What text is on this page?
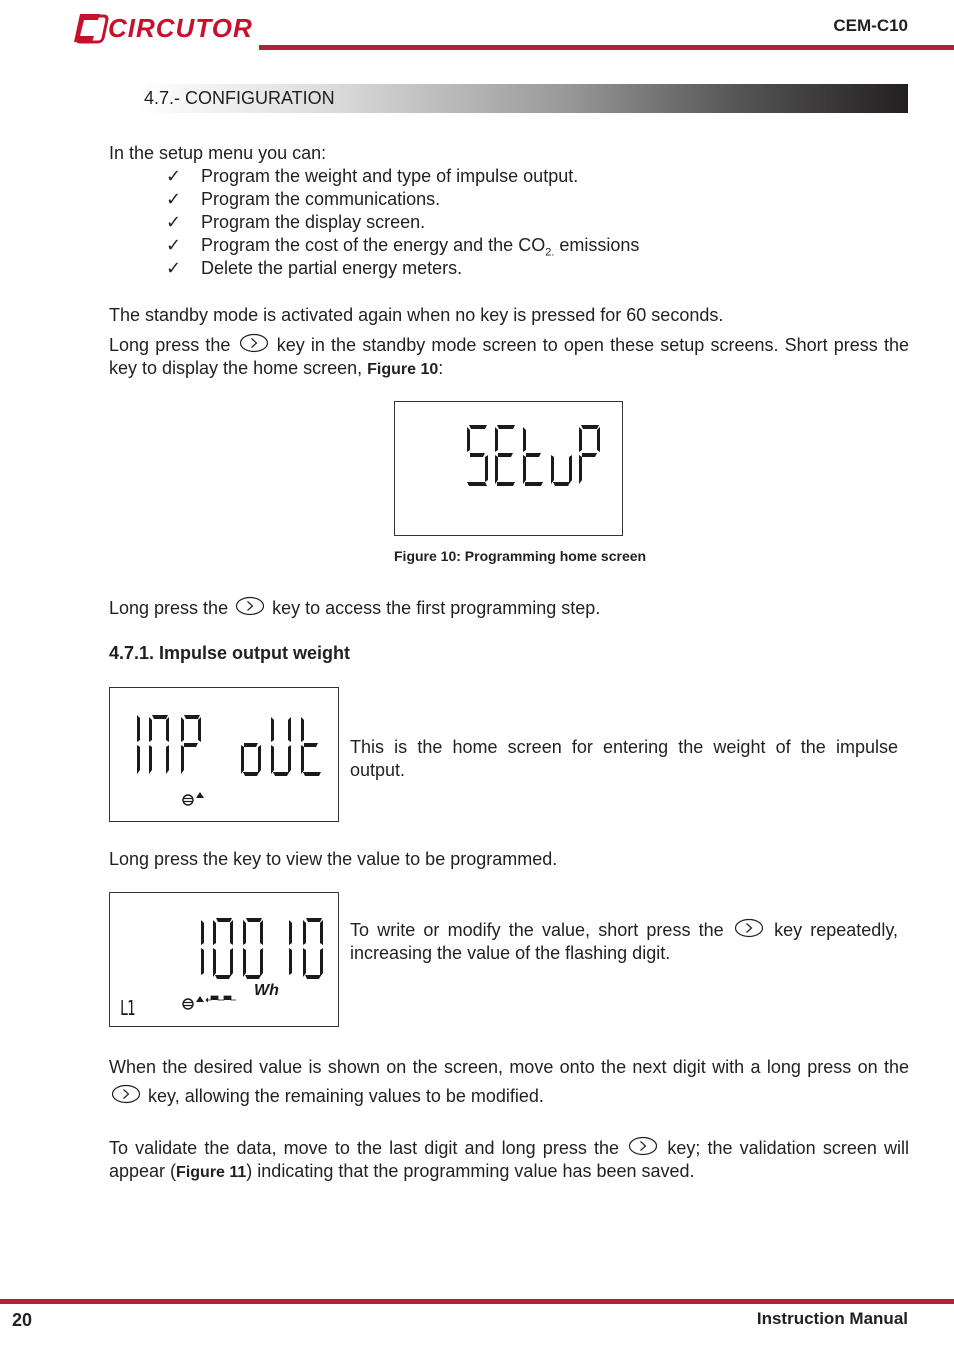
CIRCUTOR	CEM-C10
4.7.- CONFIGURATION
In the setup menu you can:
✓ Program the weight and type of impulse output.
✓ Program the communications.
✓ Program the display screen.
✓ Program the cost of the energy and the $CO_{2.}$ emissions
✓ Delete the partial energy meters.
The standby mode is activated again when no key is pressed for 60 seconds.
Long press the	key in the standby mode screen to open these setup screens. Short press the key to display the home screen, Figure 10:
Figure 10: Programming home screen
Long press the key to access the first programming step.
4.7.1. Impulse output weight
This is the home screen for entering the weight of the impulse output.
Long press the key to view the value to be programmed.
L1
Wh
To write or modify the value, short press the	key repeatedly, increasing the value of the flashing digit.
When the desired value is shown on the screen, move onto the next digit with a long press on the
key, allowing the remaining values to be modified.
To validate the data, move to the last digit and long press the	key; the validation screen will appear (Figure 11) indicating that the programming value has been saved.
20	Instruction Manual
